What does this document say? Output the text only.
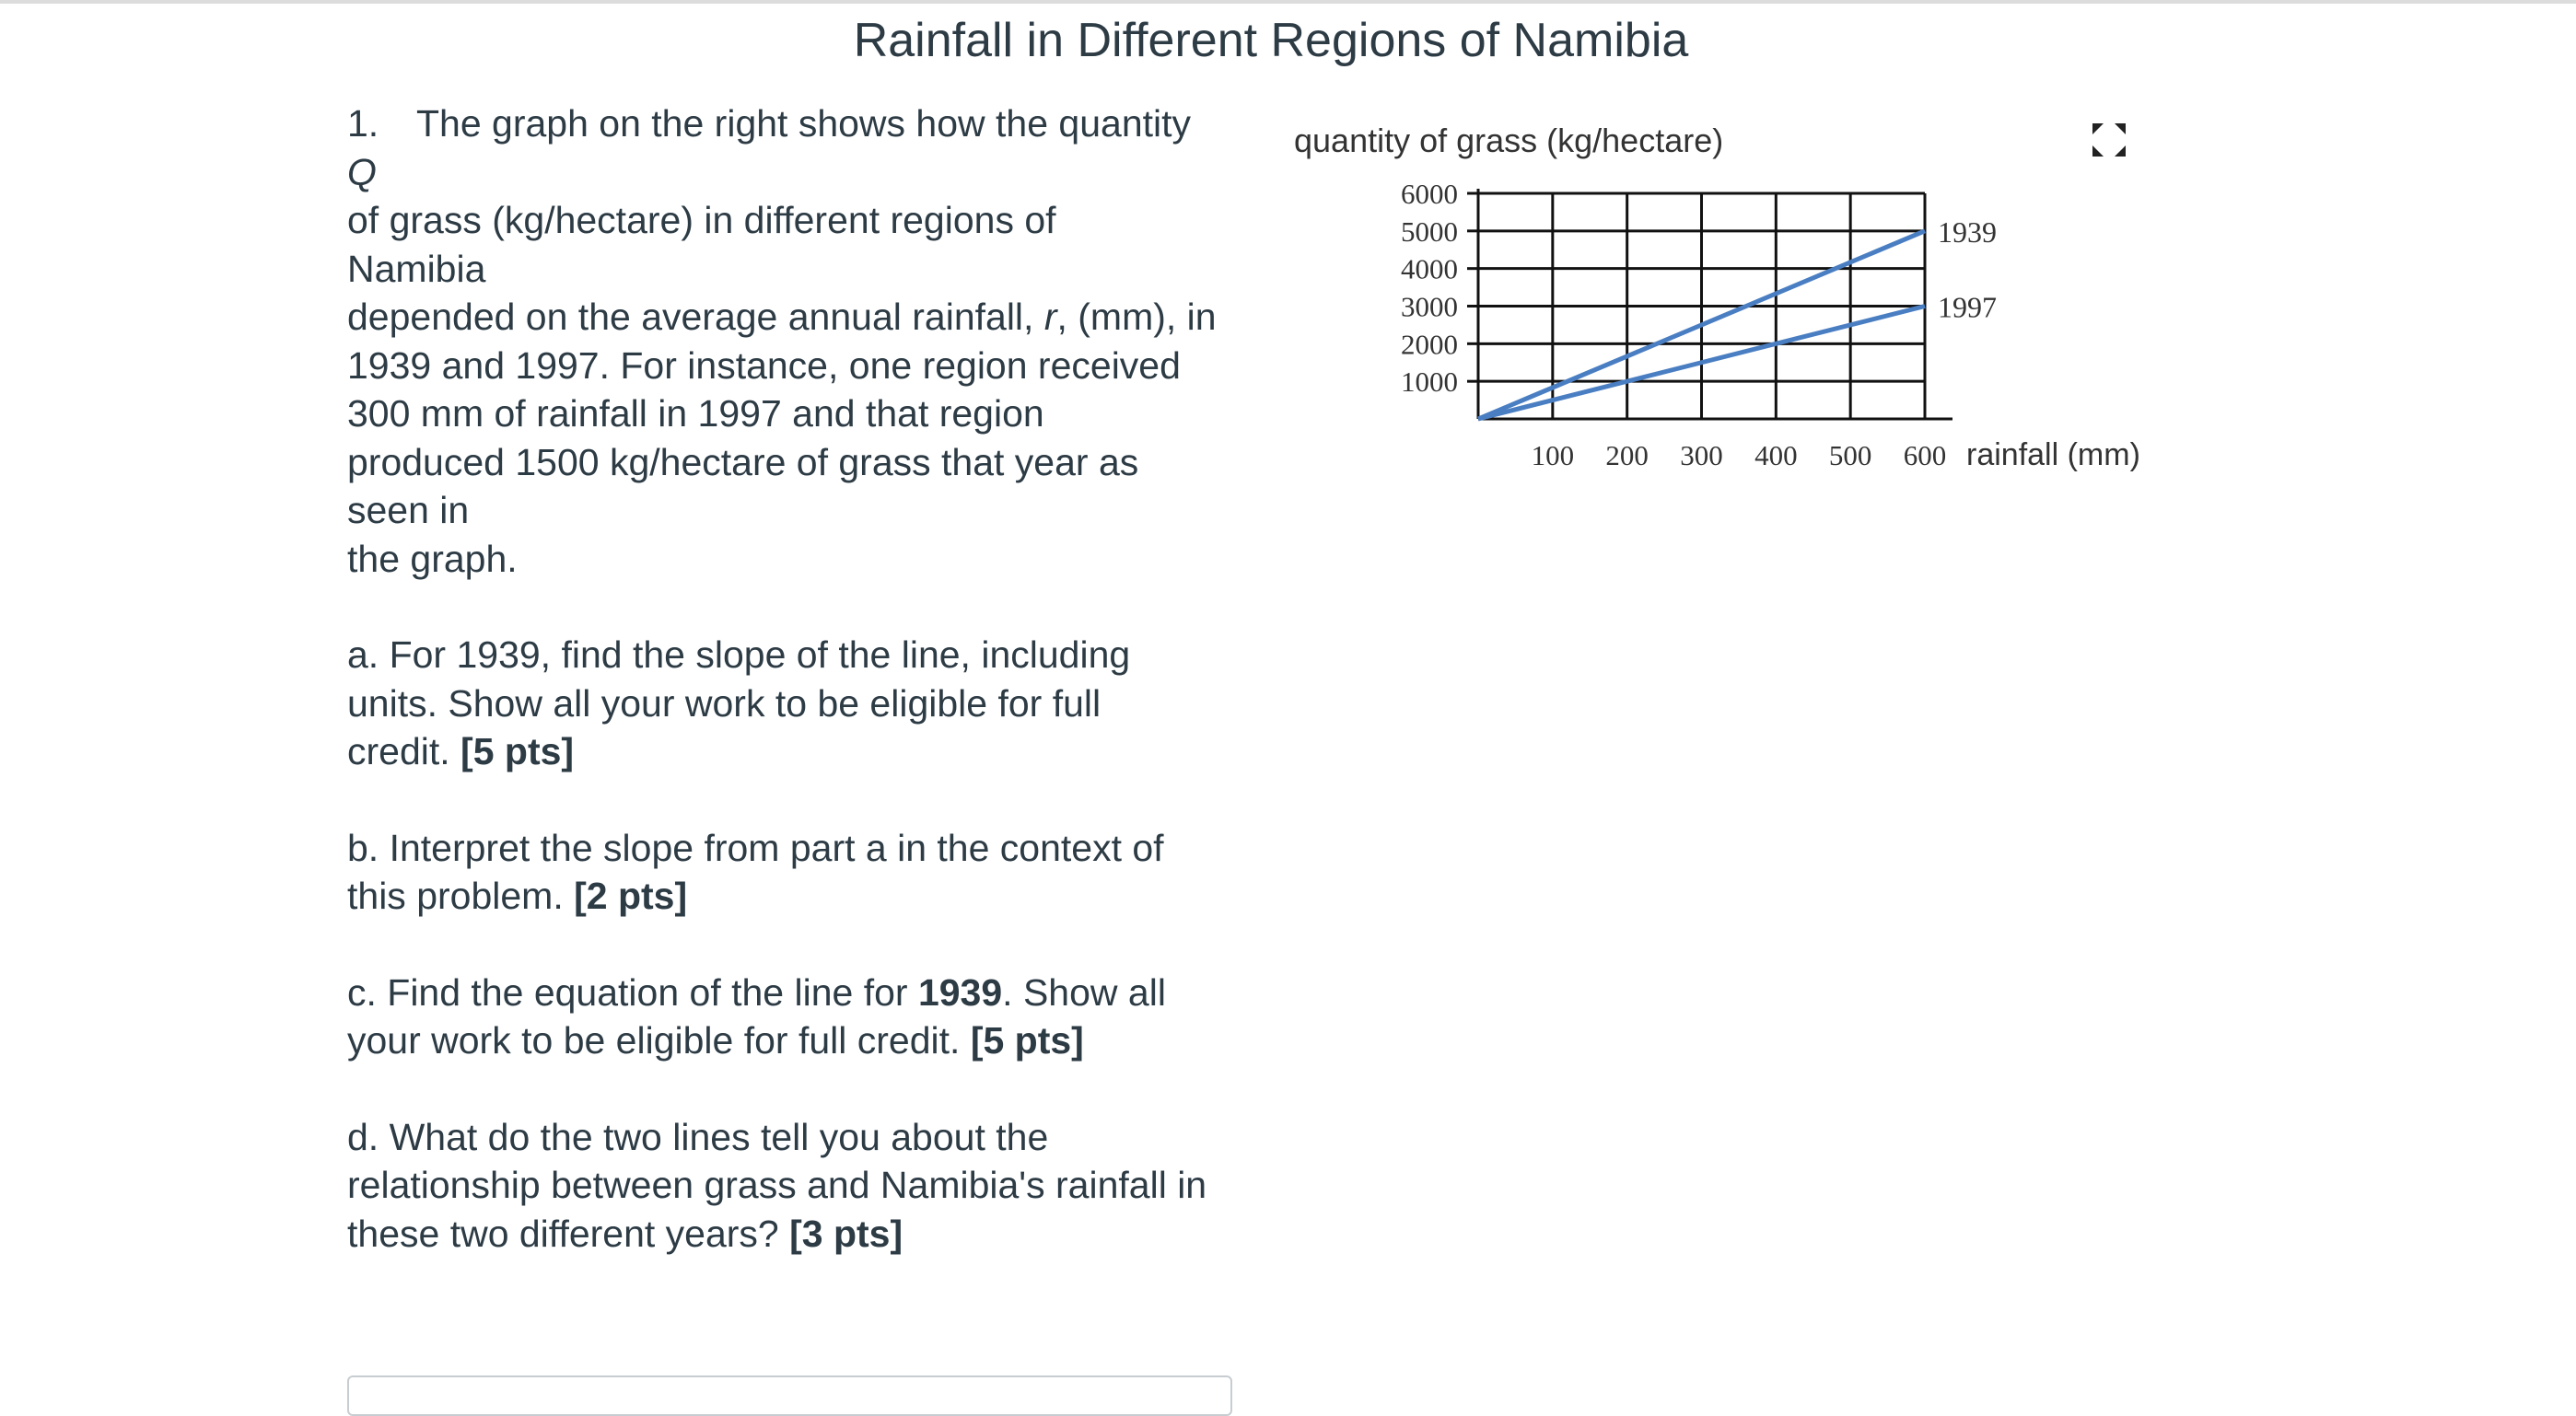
Rainfall in Different Regions of Namibia

1. The graph on the right shows how the quantity

Q

of grass (kg/hectare) in different regions of

Namibia

depended on the average annual rainfall, r, (mm), in

1939 and 1997. For instance, one region received

300 mm of rainfall in 1997 and that region

produced 1500 kg/hectare of grass that year as

seen in

the graph.

a. For 1939, find the slope of the line, including

units. Show all your work to be eligible for full

credit. [5 pts]

b. Interpret the slope from part a in the context of

this problem. [2 pts]

c. Find the equation of the line for 1939. Show all

your work to be eligible for full credit. [5 pts]

d. What do the two lines tell you about the

relationship between grass and Namibia's rainfall in

these two different years? [3 pts]

quantity of grass (kg/hectare)
rainfall (mm)
1000
2000
3000
4000
5000
6000
100 200 300 400 500 600
1939
1997
